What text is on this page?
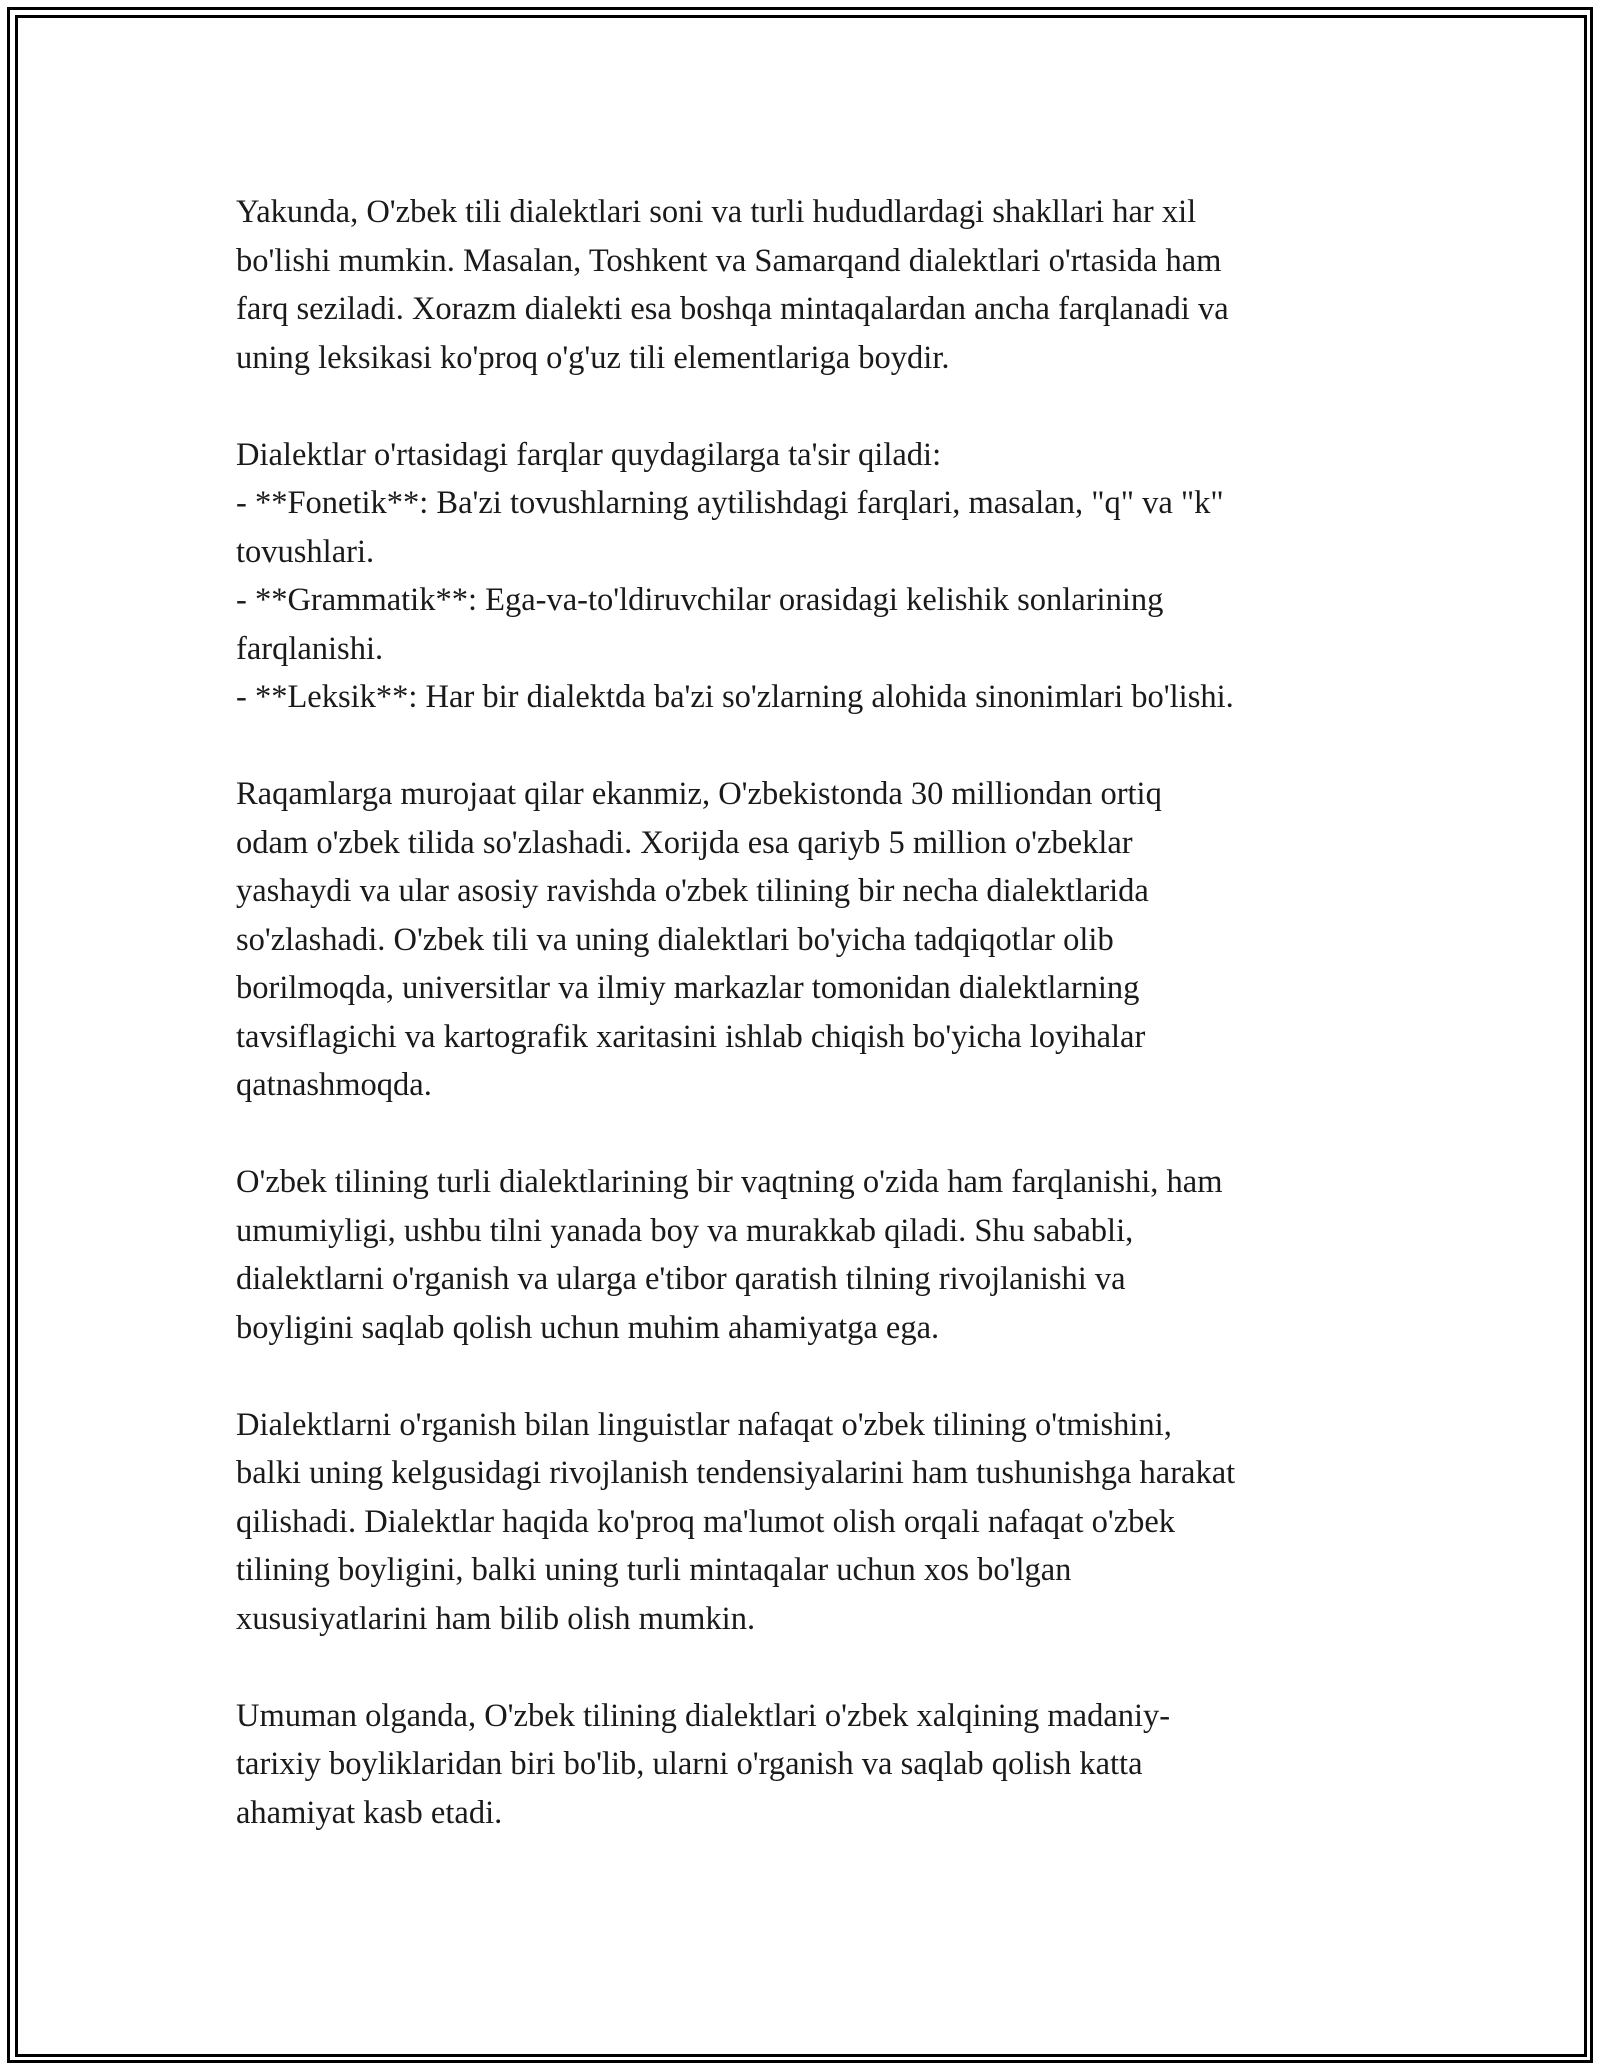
Yakunda, O'zbek tili dialektlari soni va turli hududlardagi shakllari har xil
bo'lishi mumkin. Masalan, Toshkent va Samarqand dialektlari o'rtasida ham
farq seziladi. Xorazm dialekti esa boshqa mintaqalardan ancha farqlanadi va
uning leksikasi ko'proq o'g'uz tili elementlariga boydir.

Dialektlar o'rtasidagi farqlar quydagilarga ta'sir qiladi:
- **Fonetik**: Ba'zi tovushlarning aytilishdagi farqlari, masalan, "q" va "k"
tovushlari.
- **Grammatik**: Ega-va-to'ldiruvchilar orasidagi kelishik sonlarining
farqlanishi.
- **Leksik**: Har bir dialektda ba'zi so'zlarning alohida sinonimlari bo'lishi.

Raqamlarga murojaat qilar ekanmiz, O'zbekistonda 30 milliondan ortiq
odam o'zbek tilida so'zlashadi. Xorijda esa qariyb 5 million o'zbeklar
yashaydi va ular asosiy ravishda o'zbek tilining bir necha dialektlarida
so'zlashadi. O'zbek tili va uning dialektlari bo'yicha tadqiqotlar olib
borilmoqda, universitlar va ilmiy markazlar tomonidan dialektlarning
tavsiflagichi va kartografik xaritasini ishlab chiqish bo'yicha loyihalar
qatnashmoqda.

O'zbek tilining turli dialektlarining bir vaqtning o'zida ham farqlanishi, ham
umumiyligi, ushbu tilni yanada boy va murakkab qiladi. Shu sababli,
dialektlarni o'rganish va ularga e'tibor qaratish tilning rivojlanishi va
boyligini saqlab qolish uchun muhim ahamiyatga ega.

Dialektlarni o'rganish bilan linguistlar nafaqat o'zbek tilining o'tmishini,
balki uning kelgusidagi rivojlanish tendensiyalarini ham tushunishga harakat
qilishadi. Dialektlar haqida ko'proq ma'lumot olish orqali nafaqat o'zbek
tilining boyligini, balki uning turli mintaqalar uchun xos bo'lgan
xususiyatlarini ham bilib olish mumkin.

Umuman olganda, O'zbek tilining dialektlari o'zbek xalqining madaniy-
tarixiy boyliklaridan biri bo'lib, ularni o'rganish va saqlab qolish katta
ahamiyat kasb etadi.
